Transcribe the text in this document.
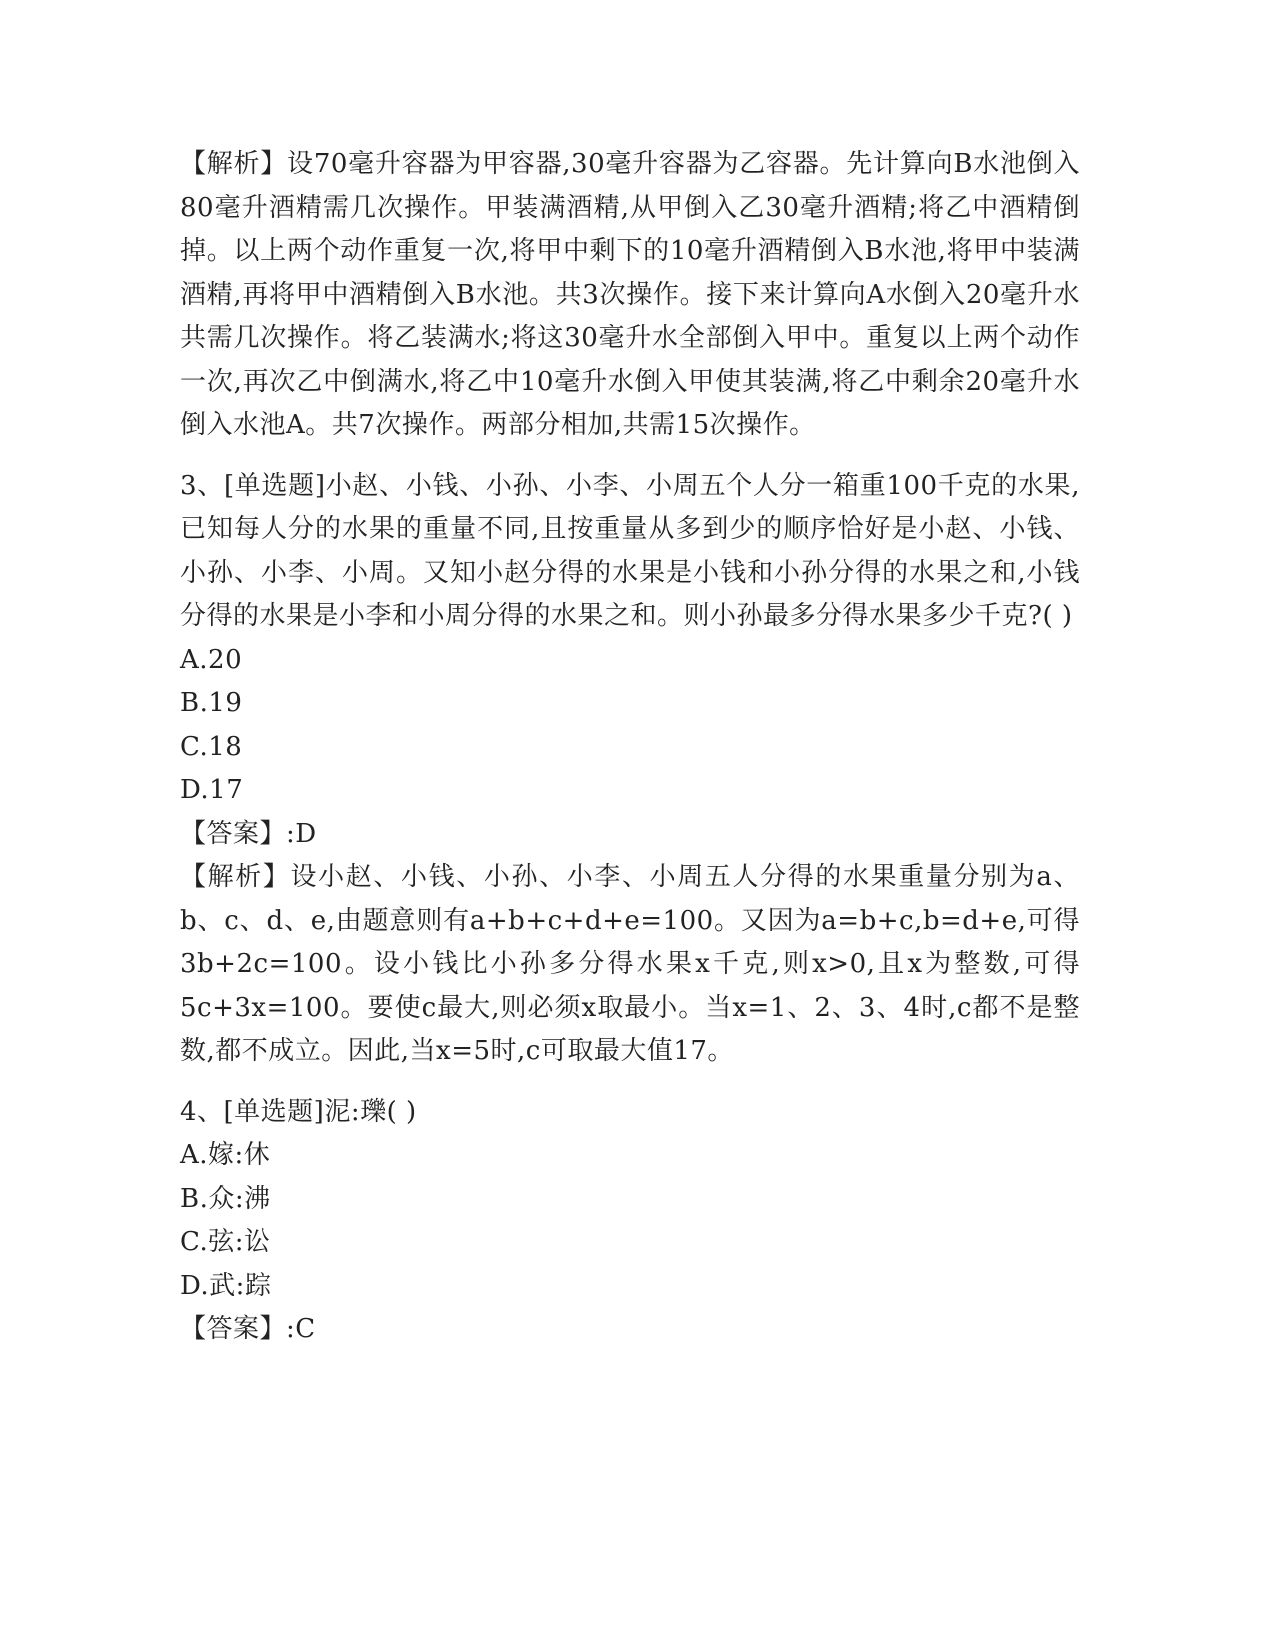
【解析】设70毫升容器为甲容器,30毫升容器为乙容器。先计算向B水池倒入80毫升酒精需几次操作。甲装满酒精,从甲倒入乙30毫升酒精;将乙中酒精倒掉。以上两个动作重复一次,将甲中剩下的10毫升酒精倒入B水池,将甲中装满酒精,再将甲中酒精倒入B水池。共3次操作。接下来计算向A水倒入20毫升水共需几次操作。将乙装满水;将这30毫升水全部倒入甲中。重复以上两个动作一次,再次乙中倒满水,将乙中10毫升水倒入甲使其装满,将乙中剩余20毫升水倒入水池A。共7次操作。两部分相加,共需15次操作。

3、[单选题]小赵、小钱、小孙、小李、小周五个人分一箱重100千克的水果,已知每人分的水果的重量不同,且按重量从多到少的顺序恰好是小赵、小钱、小孙、小李、小周。又知小赵分得的水果是小钱和小孙分得的水果之和,小钱分得的水果是小李和小周分得的水果之和。则小孙最多分得水果多少千克?( )

A.20

B.19

C.18

D.17

【答案】:D

【解析】设小赵、小钱、小孙、小李、小周五人分得的水果重量分别为a、b、c、d、e,由题意则有a+b+c+d+e=100。又因为a=b+c,b=d+e,可得3b+2c=100。设小钱比小孙多分得水果x千克,则x>0,且x为整数,可得5c+3x=100。要使c最大,则必须x取最小。当x=1、2、3、4时,c都不是整数,都不成立。因此,当x=5时,c可取最大值17。

4、[单选题]泥:瓅( )

A.嫁:休

B.众:沸

C.弦:讼

D.武:踪

【答案】:C
